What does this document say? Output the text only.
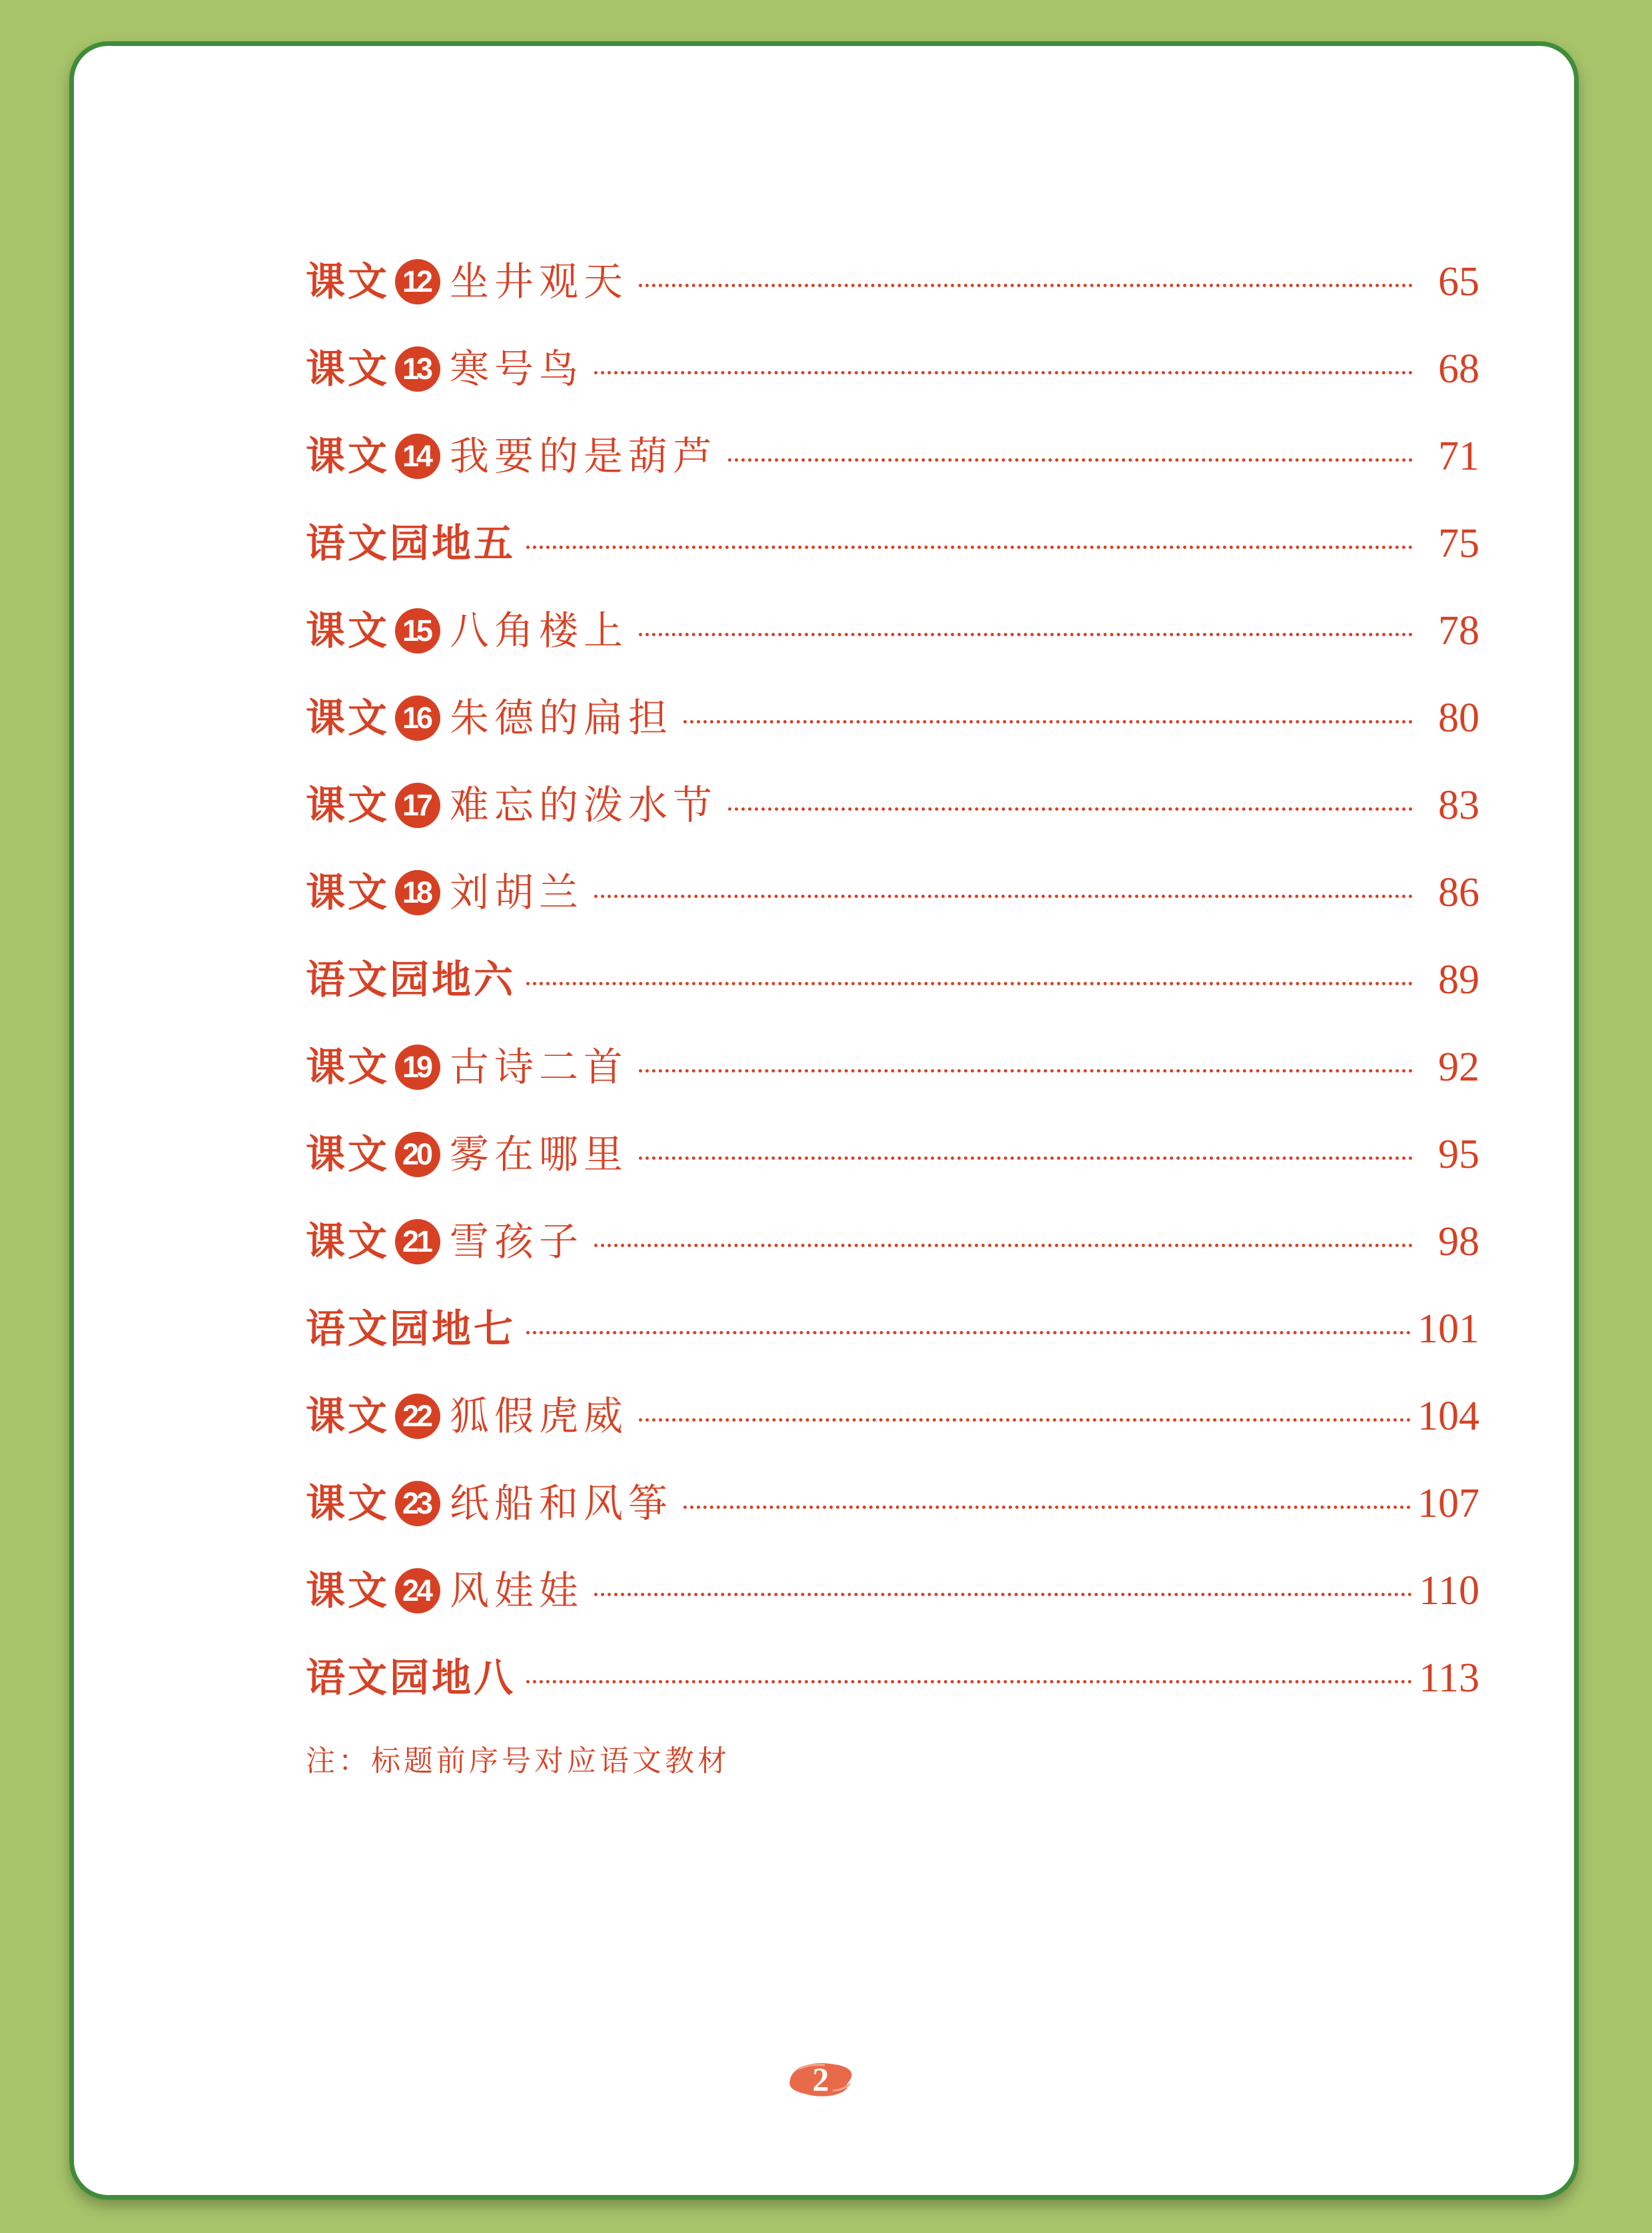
课文 12 坐井观天	65
课文 13 寒号鸟	68
课文 14 我要的是葫芦	71
语文园地五	75
课文 15 八角楼上	78
课文 16 朱德的扁担	80
课文 17 难忘的泼水节	83
课文 18 刘胡兰	86
语文园地六	89
课文 19 古诗二首	92
课文 20 雾在哪里	95
课文 21 雪孩子	98
语文园地七	101
课文 22 狐假虎威	104
课文 23 纸船和风筝	107
课文 24 风娃娃	110
语文园地八	113
注：标题前序号对应语文教材
2
